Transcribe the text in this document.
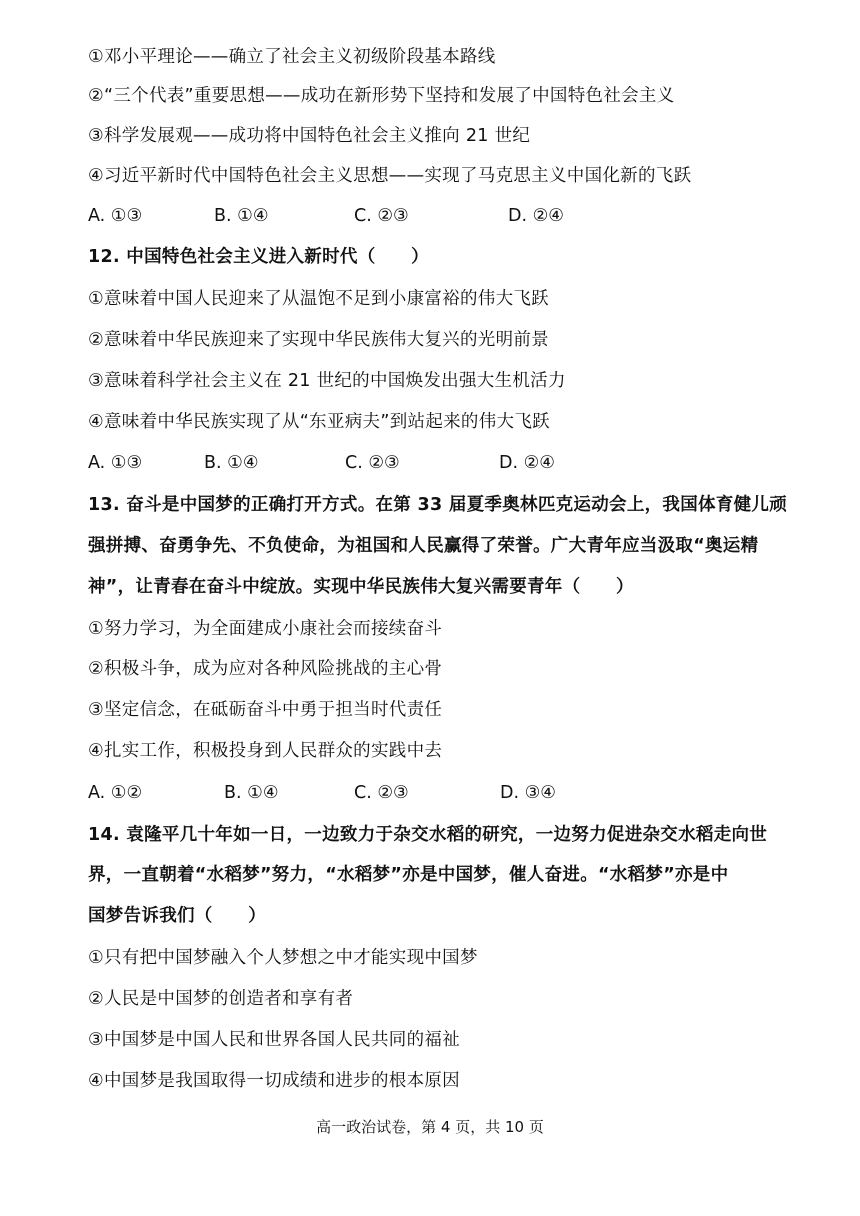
①邓小平理论——确立了社会主义初级阶段基本路线
②“三个代表”重要思想——成功在新形势下坚持和发展了中国特色社会主义
③科学发展观——成功将中国特色社会主义推向 21 世纪
④习近平新时代中国特色社会主义思想——实现了马克思主义中国化新的飞跃
A. ①③	B. ①④	C. ②③	D. ②④
12. 中国特色社会主义进入新时代（　　）
①意味着中国人民迎来了从温饱不足到小康富裕的伟大飞跃
②意味着中华民族迎来了实现中华民族伟大复兴的光明前景
③意味着科学社会主义在 21 世纪的中国焕发出强大生机活力
④意味着中华民族实现了从“东亚病夫”到站起来的伟大飞跃
A. ①③	B. ①④	C. ②③	D. ②④
13. 奋斗是中国梦的正确打开方式。在第 33 届夏季奥林匹克运动会上，我国体育健儿顽
强拼搏、奋勇争先、不负使命，为祖国和人民赢得了荣誉。广大青年应当汲取“奥运精
神”，让青春在奋斗中绽放。实现中华民族伟大复兴需要青年（　　）
①努力学习，为全面建成小康社会而接续奋斗
②积极斗争，成为应对各种风险挑战的主心骨
③坚定信念，在砥砺奋斗中勇于担当时代责任
④扎实工作，积极投身到人民群众的实践中去
A. ①②	B. ①④	C. ②③	D. ③④
14. 袁隆平几十年如一日，一边致力于杂交水稻的研究，一边努力促进杂交水稻走向世
界，一直朝着“水稻梦”努力，“水稻梦”亦是中国梦，催人奋进。“水稻梦”亦是中
国梦告诉我们（　　）
①只有把中国梦融入个人梦想之中才能实现中国梦
②人民是中国梦的创造者和享有者
③中国梦是中国人民和世界各国人民共同的福祉
④中国梦是我国取得一切成绩和进步的根本原因
高一政治试卷，第 4 页，共 10 页
